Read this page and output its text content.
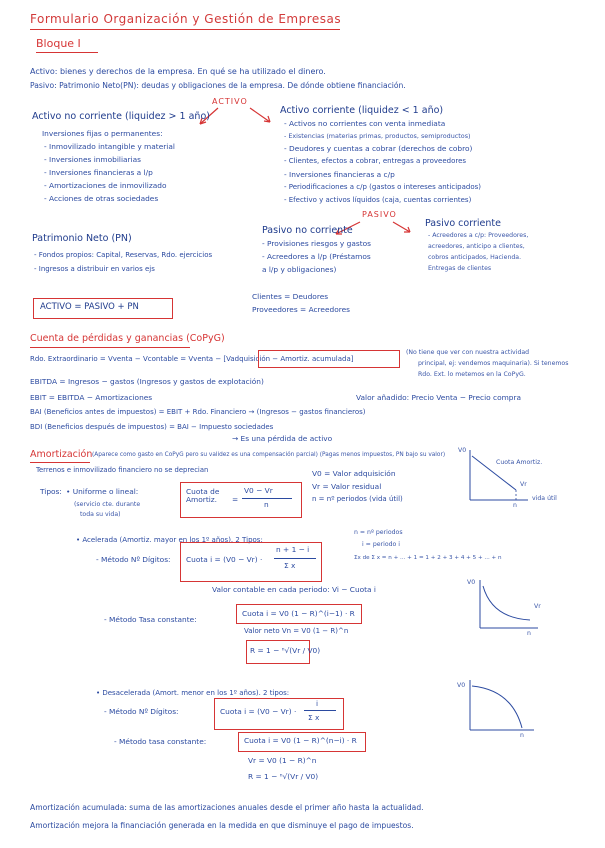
Formulario Organización y Gestión de Empresas
Bloque I
Activo: bienes y derechos de la empresa. En qué se ha utilizado el dinero.
Pasivo: Patrimonio Neto(PN): deudas y obligaciones de la empresa. De dónde obtiene financiación.
ACTIVO
Activo no corriente (liquidez > 1 año)
Inversiones fijas o permanentes:
- Inmovilizado intangible y material
- Inversiones inmobiliarias
- Inversiones financieras a l/p
- Amortizaciones de inmovilizado
- Acciones de otras sociedades
Activo corriente (liquidez < 1 año)
- Activos no corrientes con venta inmediata
- Existencias (materias primas, productos, semiproductos)
- Deudores y cuentas a cobrar (derechos de cobro)
- Clientes, efectos a cobrar, entregas a proveedores
- Inversiones financieras a c/p
- Periodificaciones a c/p (gastos o intereses anticipados)
- Efectivo y activos líquidos (caja, cuentas corrientes)
PASIVO
Patrimonio Neto (PN)
- Fondos propios: Capital, Reservas, Rdo. ejercicios
- Ingresos a distribuir en varios ejs
Pasivo no corriente
- Provisiones riesgos y gastos
- Acreedores a l/p (Préstamos
a l/p y obligaciones)
Pasivo corriente
- Acreedores a c/p: Proveedores,
acreedores, anticipo a clientes,
cobros anticipados, Hacienda.
Entregas de clientes
ACTIVO = PASIVO + PN
Clientes = Deudores
Proveedores = Acreedores
Cuenta de pérdidas y ganancias (CoPyG)
Rdo. Extraordinario = Vventa − Vcontable = Vventa − [Vadquisición − Amortiz. acumulada]
(No tiene que ver con nuestra actividad
principal, ej: vendemos maquinaria). Si tenemos
Rdo. Ext. lo metemos en la CoPyG.
EBITDA = Ingresos − gastos (Ingresos y gastos de explotación)
EBIT = EBITDA − Amortizaciones	Valor añadido: Precio Venta − Precio compra
BAI (Beneficios antes de impuestos) = EBIT + Rdo. Financiero → (Ingresos − gastos financieros)
BDI (Beneficios después de impuestos) = BAI − Impuesto sociedades
→ Es una pérdida de activo
Amortización (Aparece como gasto en CoPyG pero su validez es una compensación parcial) (Pagas menos impuestos, PN bajo su valor)
Terrenos e inmovilizado financiero no se deprecian
Tipos: • Uniforme o lineal:
(servicio cte. durante
toda su vida)
Cuota de Amortiz.	=
V0 − Vr
n
V0 = Valor adquisición
Vr = Valor residual
n = nº periodos (vida útil)
V0
Cuota Amortiz.
Vr
n
vida útil
• Acelerada (Amortiz. mayor en los 1º años). 2 Tipos:
- Método Nº Dígitos: Cuota i = (V0 − Vr) ·
n + 1 − i
Σ x
n = nº periodos
i = periodo i
Σx de Σ x = n + ... + 1 = 1 + 2 + 3 + 4 + 5 + ... + n
Valor contable en cada periodo: Vi − Cuota i
- Método Tasa constante:
Cuota i = V0 (1 − R)^(i−1) · R
Valor neto Vn = V0 (1 − R)^n
R = 1 − ⁿ√(Vr / V0)
V0
Vr
n
• Desacelerada (Amort. menor en los 1º años). 2 tipos:
- Método Nº Dígitos:	Cuota i = (V0 − Vr) ·
i
Σ x
- Método tasa constante:	Cuota i = V0 (1 − R)^(n−i) · R
Vr = V0 (1 − R)^n
R = 1 − ⁿ√(Vr / V0)
V0
n
Amortización acumulada: suma de las amortizaciones anuales desde el primer año hasta la actualidad.
Amortización mejora la financiación generada en la medida en que disminuye el pago de impuestos.
